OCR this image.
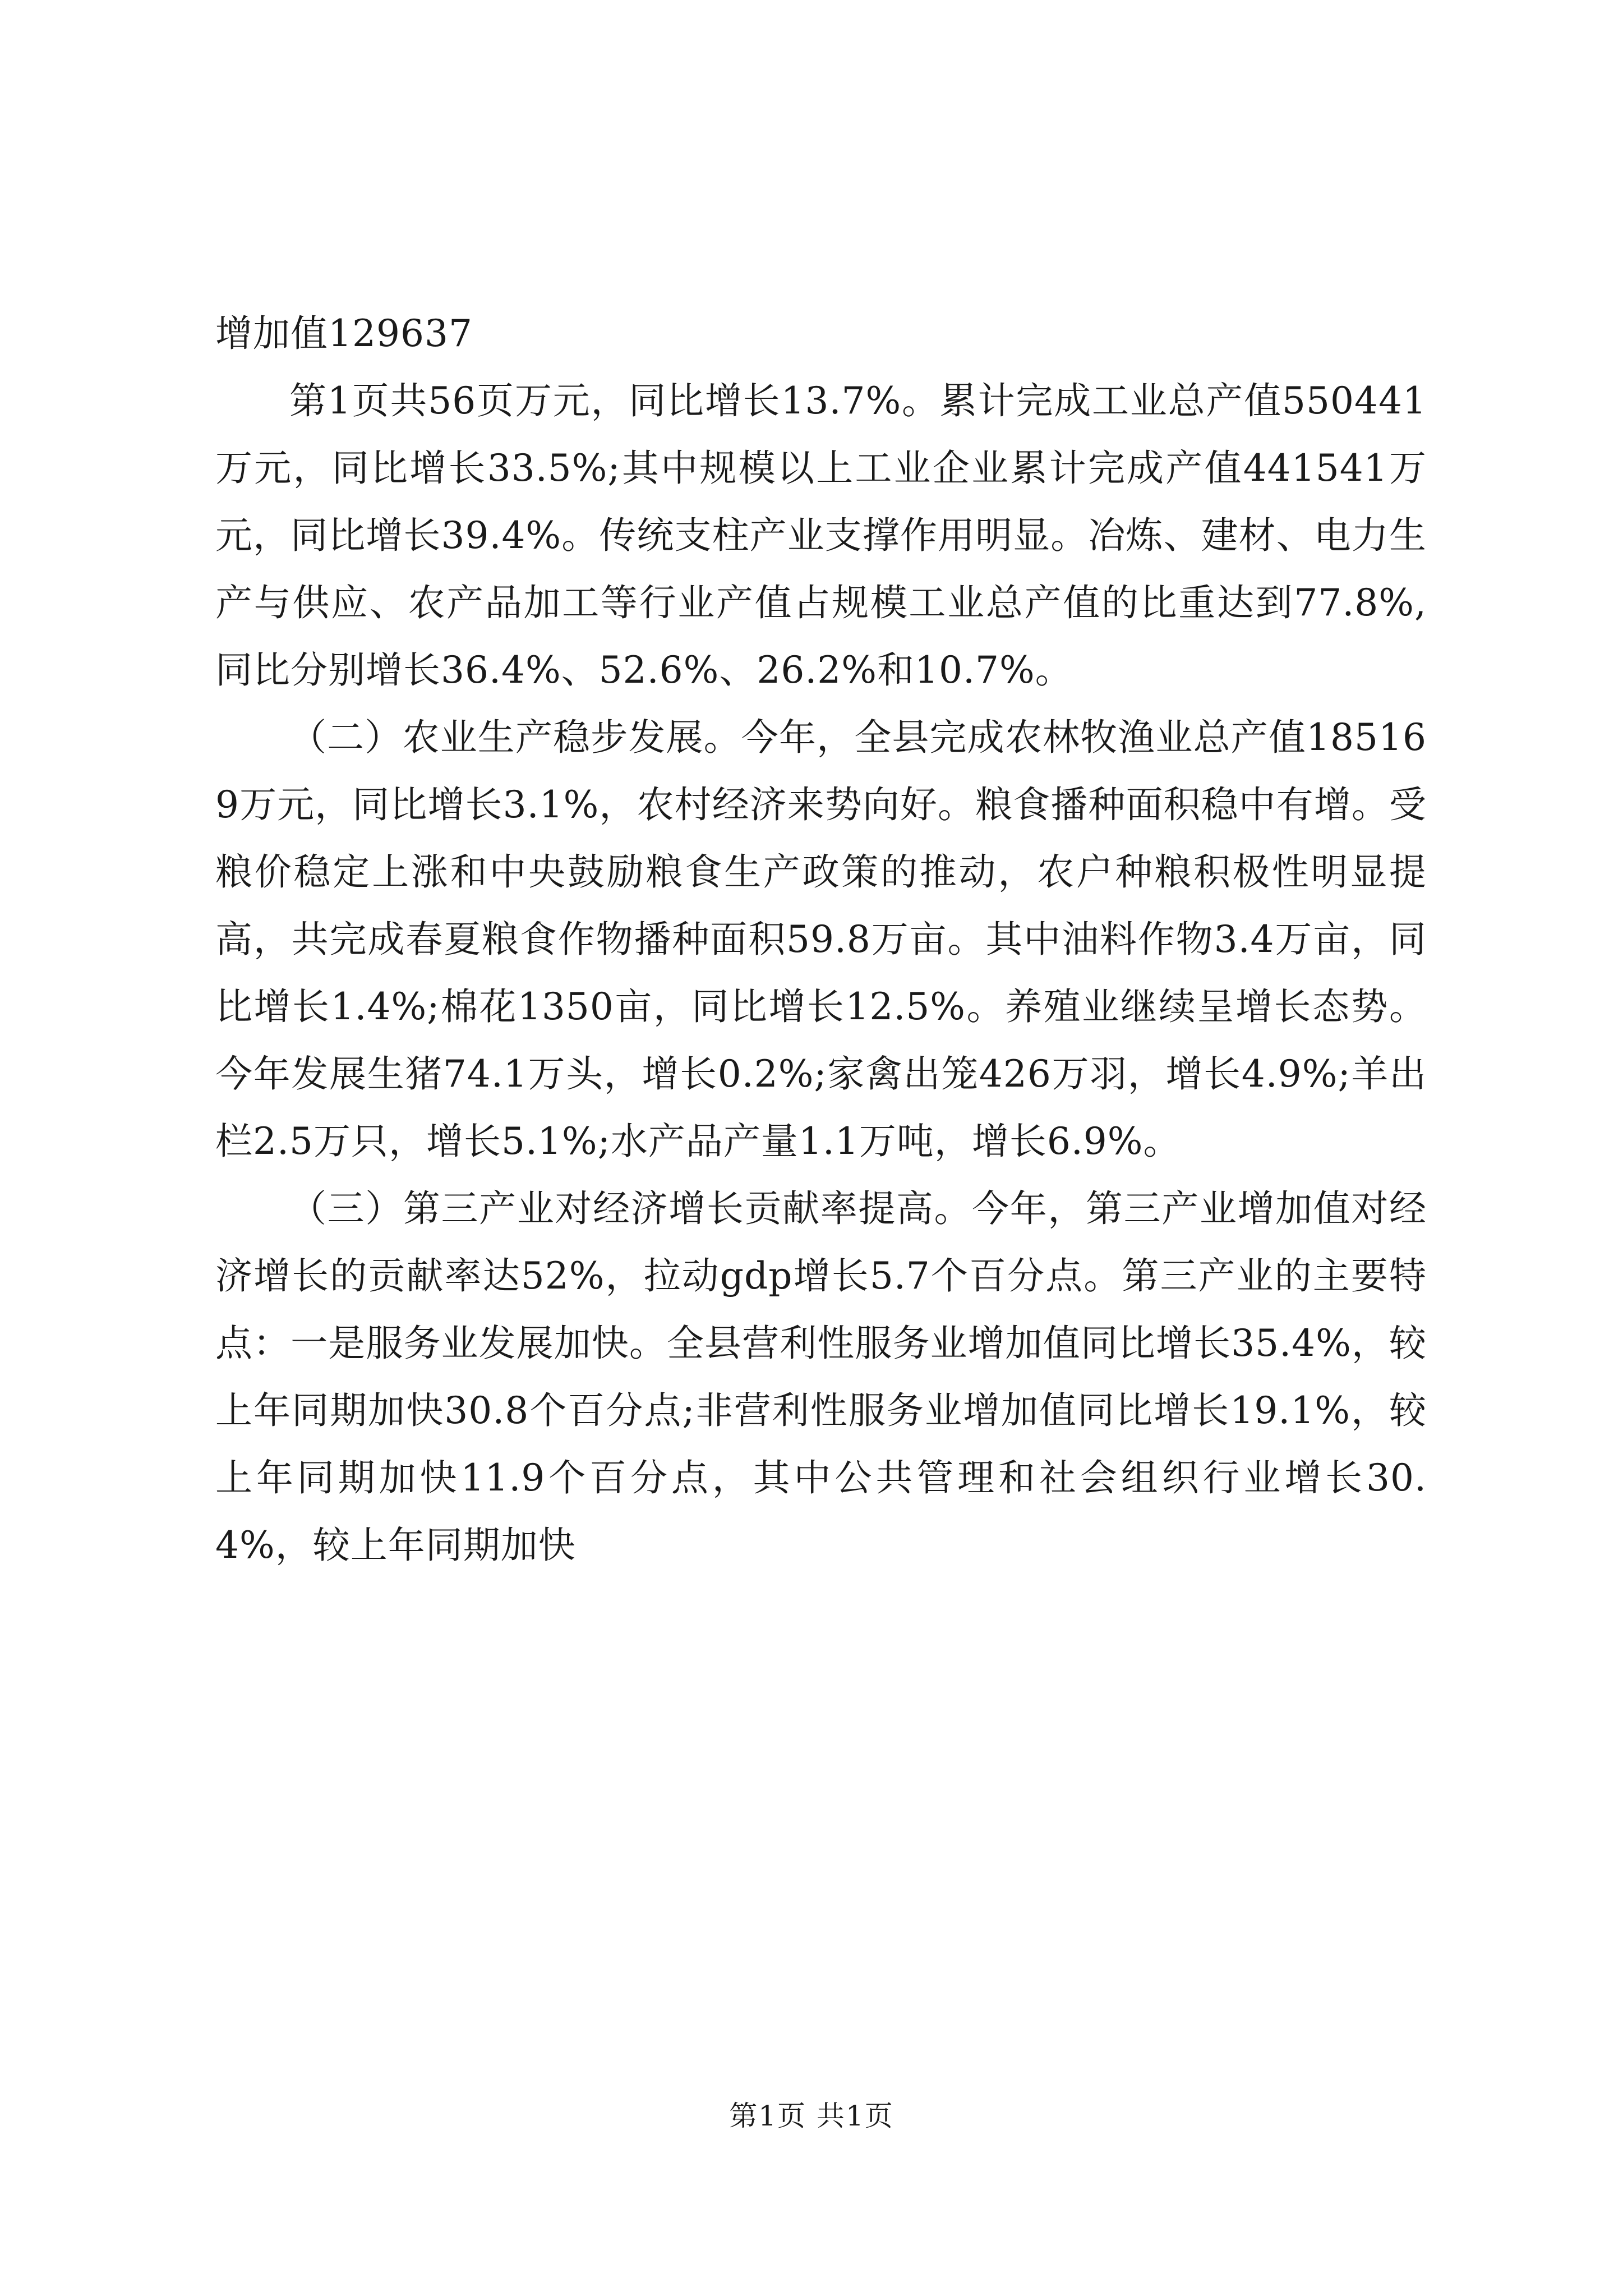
增加值129637

第1页共56页万元，同比增长13.7%。累计完成工业总产值550441万元，同比增长33.5%;其中规模以上工业企业累计完成产值441541万元，同比增长39.4%。传统支柱产业支撑作用明显。冶炼、建材、电力生产与供应、农产品加工等行业产值占规模工业总产值的比重达到77.8%,同比分别增长36.4%、52.6%、26.2%和10.7%。

（二）农业生产稳步发展。今年，全县完成农林牧渔业总产值185169万元，同比增长3.1%，农村经济来势向好。粮食播种面积稳中有增。受粮价稳定上涨和中央鼓励粮食生产政策的推动，农户种粮积极性明显提高，共完成春夏粮食作物播种面积59.8万亩。其中油料作物3.4万亩，同比增长1.4%;棉花1350亩，同比增长12.5%。养殖业继续呈增长态势。今年发展生猪74.1万头，增长0.2%;家禽出笼426万羽，增长4.9%;羊出栏2.5万只，增长5.1%;水产品产量1.1万吨，增长6.9%。

（三）第三产业对经济增长贡献率提高。今年，第三产业增加值对经济增长的贡献率达52%，拉动gdp增长5.7个百分点。第三产业的主要特点：一是服务业发展加快。全县营利性服务业增加值同比增长35.4%，较上年同期加快30.8个百分点;非营利性服务业增加值同比增长19.1%，较上年同期加快11.9个百分点，其中公共管理和社会组织行业增长30.4%，较上年同期加快

第1页 共1页
